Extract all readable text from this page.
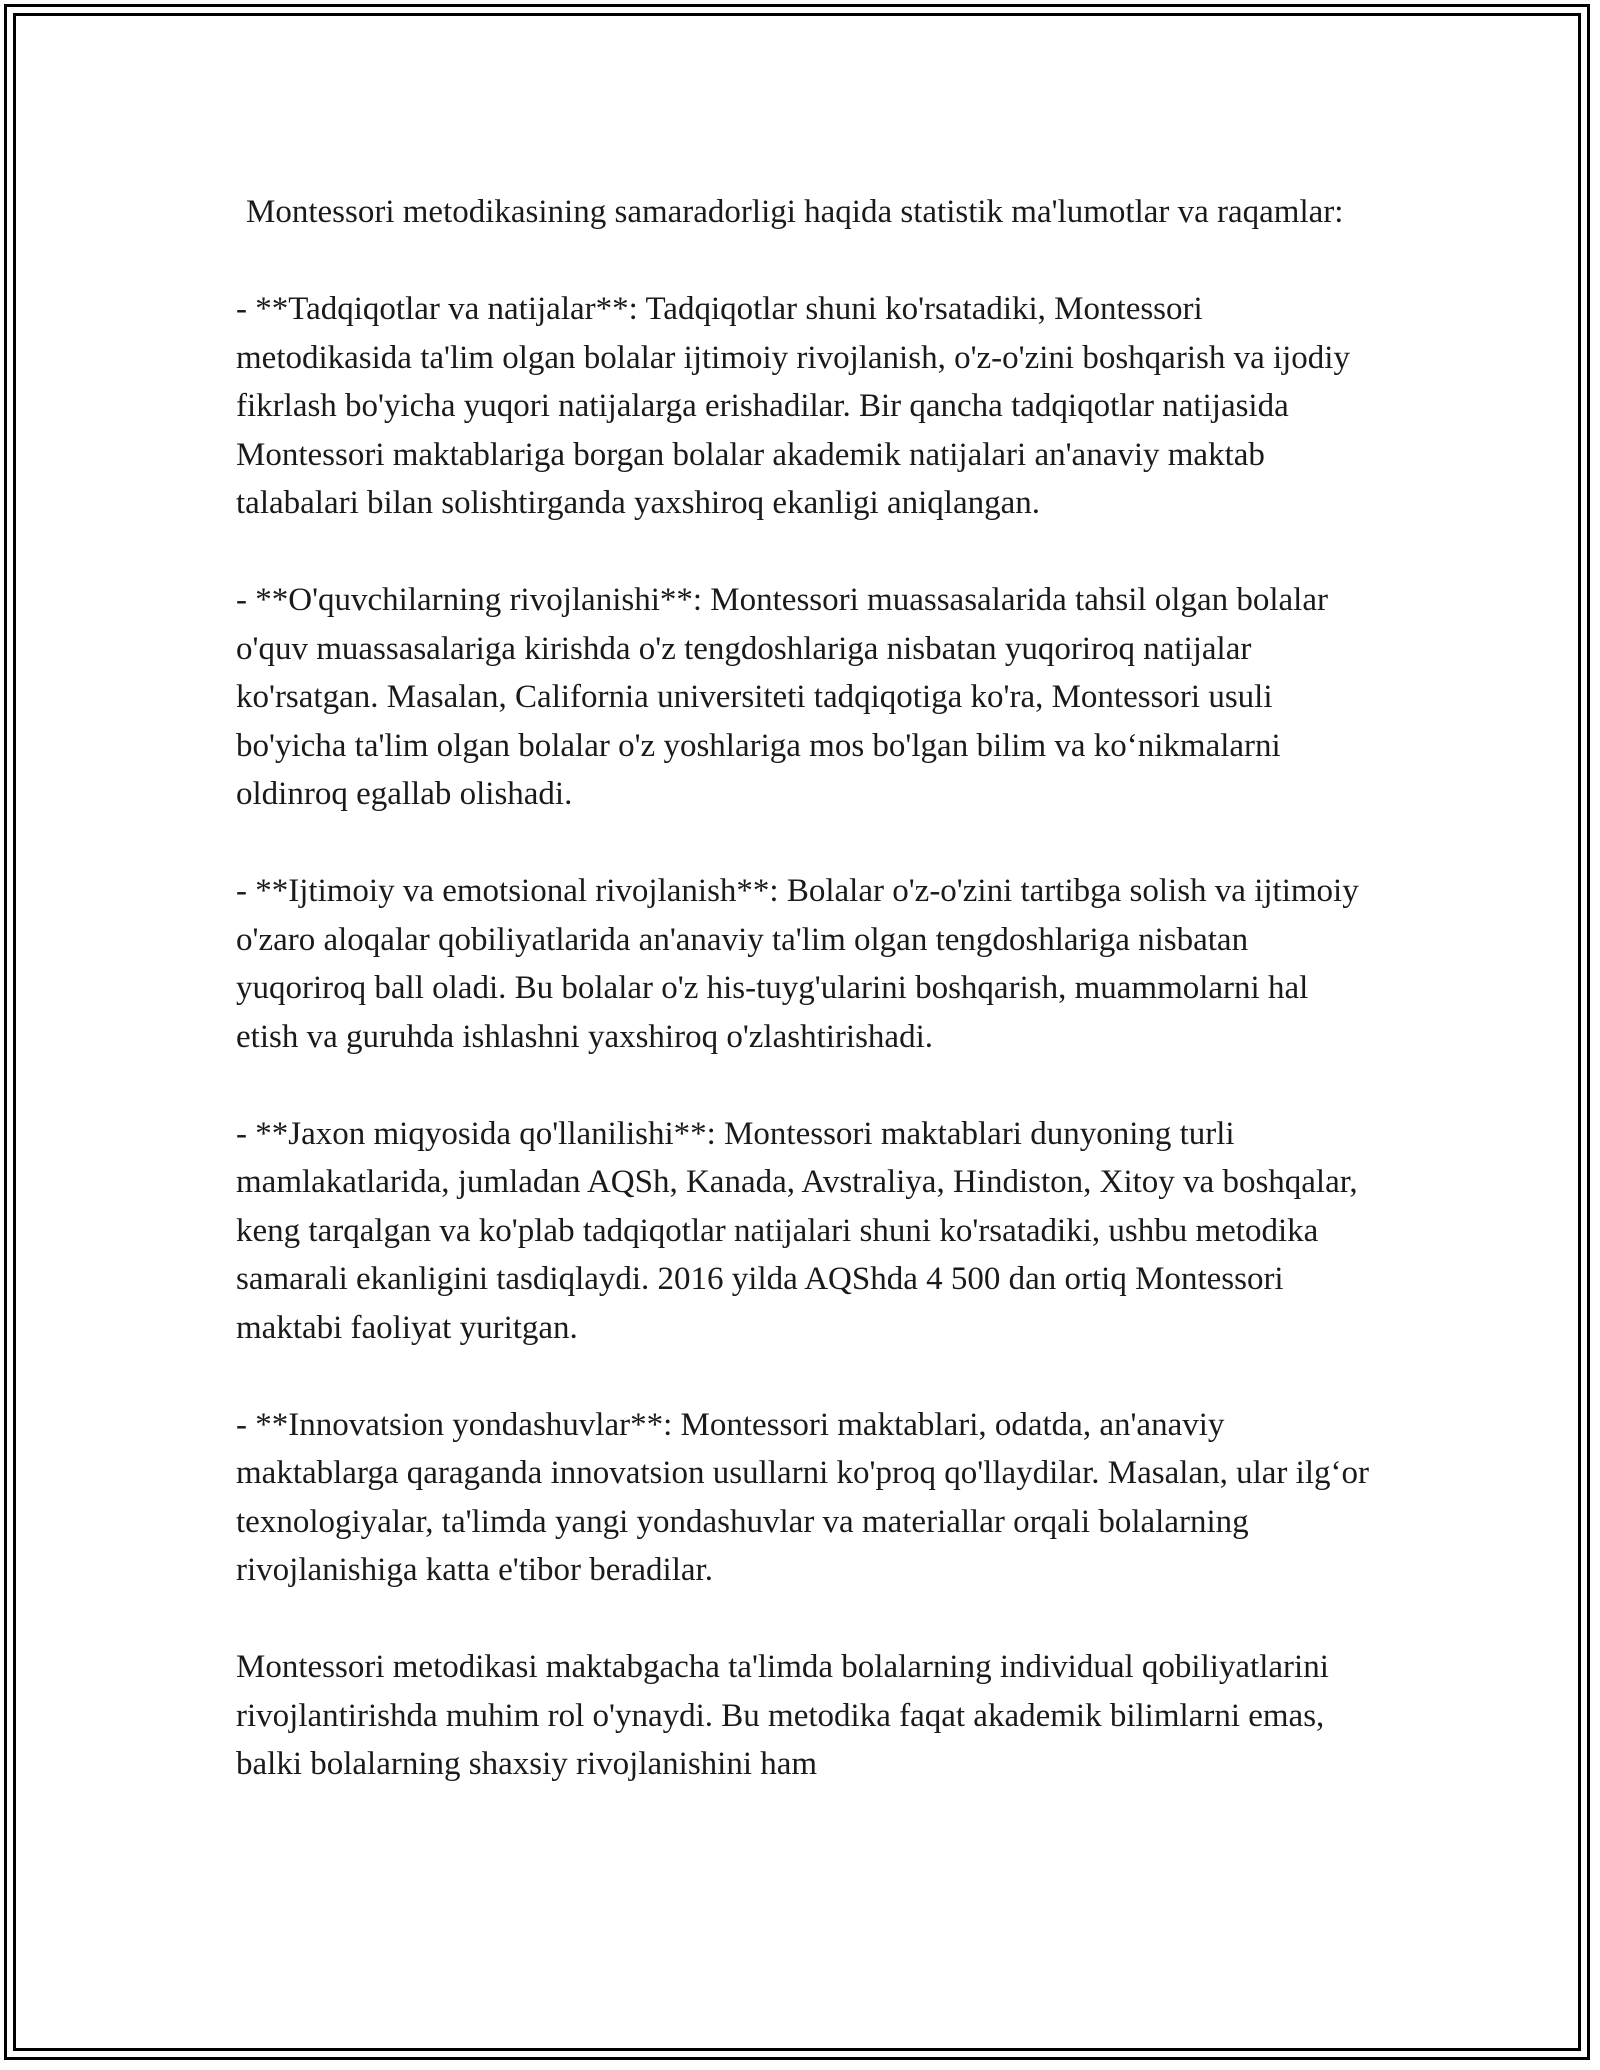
Montessori metodikasining samaradorligi haqida statistik ma'lumotlar va raqamlar:

- **Tadqiqotlar va natijalar**: Tadqiqotlar shuni ko'rsatadiki, Montessori metodikasida ta'lim olgan bolalar ijtimoiy rivojlanish, o'z-o'zini boshqarish va ijodiy fikrlash bo'yicha yuqori natijalarga erishadilar. Bir qancha tadqiqotlar natijasida Montessori maktablariga borgan bolalar akademik natijalari an'anaviy maktab talabalari bilan solishtirganda yaxshiroq ekanligi aniqlangan.

- **O'quvchilarning rivojlanishi**: Montessori muassasalarida tahsil olgan bolalar o'quv muassasalariga kirishda o'z tengdoshlariga nisbatan yuqoriroq natijalar ko'rsatgan. Masalan, California universiteti tadqiqotiga ko'ra, Montessori usuli bo'yicha ta'lim olgan bolalar o'z yoshlariga mos bo'lgan bilim va ko‘nikmalarni oldinroq egallab olishadi.

- **Ijtimoiy va emotsional rivojlanish**: Bolalar o'z-o'zini tartibga solish va ijtimoiy o'zaro aloqalar qobiliyatlarida an'anaviy ta'lim olgan tengdoshlariga nisbatan yuqoriroq ball oladi. Bu bolalar o'z his-tuyg'ularini boshqarish, muammolarni hal etish va guruhda ishlashni yaxshiroq o'zlashtirishadi.

- **Jaxon miqyosida qo'llanilishi**: Montessori maktablari dunyoning turli mamlakatlarida, jumladan AQSh, Kanada, Avstraliya, Hindiston, Xitoy va boshqalar, keng tarqalgan va ko'plab tadqiqotlar natijalari shuni ko'rsatadiki, ushbu metodika samarali ekanligini tasdiqlaydi. 2016 yilda AQShda 4 500 dan ortiq Montessori maktabi faoliyat yuritgan.

- **Innovatsion yondashuvlar**: Montessori maktablari, odatda, an'anaviy maktablarga qaraganda innovatsion usullarni ko'proq qo'llaydilar. Masalan, ular ilg‘or texnologiyalar, ta'limda yangi yondashuvlar va materiallar orqali bolalarning rivojlanishiga katta e'tibor beradilar.

Montessori metodikasi maktabgacha ta'limda bolalarning individual qobiliyatlarini rivojlantirishda muhim rol o'ynaydi. Bu metodika faqat akademik bilimlarni emas, balki bolalarning shaxsiy rivojlanishini ham
